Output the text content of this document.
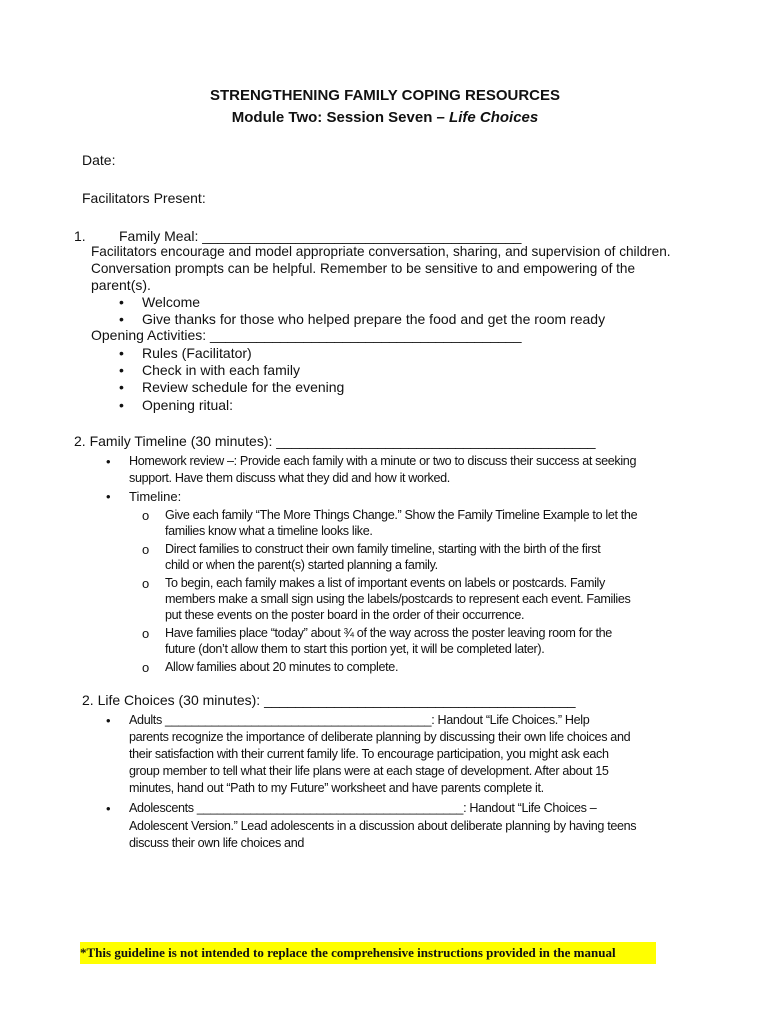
STRENGTHENING FAMILY COPING RESOURCES
Module Two: Session Seven – Life Choices
Date:
Facilitators Present:
1. Family Meal: _________________________________________
Facilitators encourage and model appropriate conversation, sharing, and supervision of children.
Conversation prompts can be helpful. Remember to be sensitive to and empowering of the
parent(s).
• Welcome
• Give thanks for those who helped prepare the food and get the room ready
Opening Activities: ________________________________________
• Rules (Facilitator)
• Check in with each family
• Review schedule for the evening
• Opening ritual:
2. Family Timeline (30 minutes): _________________________________________
• Homework review –: Provide each family with a minute or two to discuss their success at seeking
support. Have them discuss what they did and how it worked.
• Timeline:
o Give each family “The More Things Change.” Show the Family Timeline Example to let the
families know what a timeline looks like.
o Direct families to construct their own family timeline, starting with the birth of the first
child or when the parent(s) started planning a family.
o To begin, each family makes a list of important events on labels or postcards. Family
members make a small sign using the labels/postcards to represent each event. Families
put these events on the poster board in the order of their occurrence.
o Have families place “today” about ¾ of the way across the poster leaving room for the
future (don’t allow them to start this portion yet, it will be completed later).
o Allow families about 20 minutes to complete.
2. Life Choices (30 minutes): ________________________________________
• Adults ________________________________________: Handout “Life Choices.” Help
parents recognize the importance of deliberate planning by discussing their own life choices and
their satisfaction with their current family life. To encourage participation, you might ask each
group member to tell what their life plans were at each stage of development. After about 15
minutes, hand out “Path to my Future” worksheet and have parents complete it.
• Adolescents ________________________________________: Handout “Life Choices –
Adolescent Version.” Lead adolescents in a discussion about deliberate planning by having teens
discuss their own life choices and
*This guideline is not intended to replace the comprehensive instructions provided in the manual
